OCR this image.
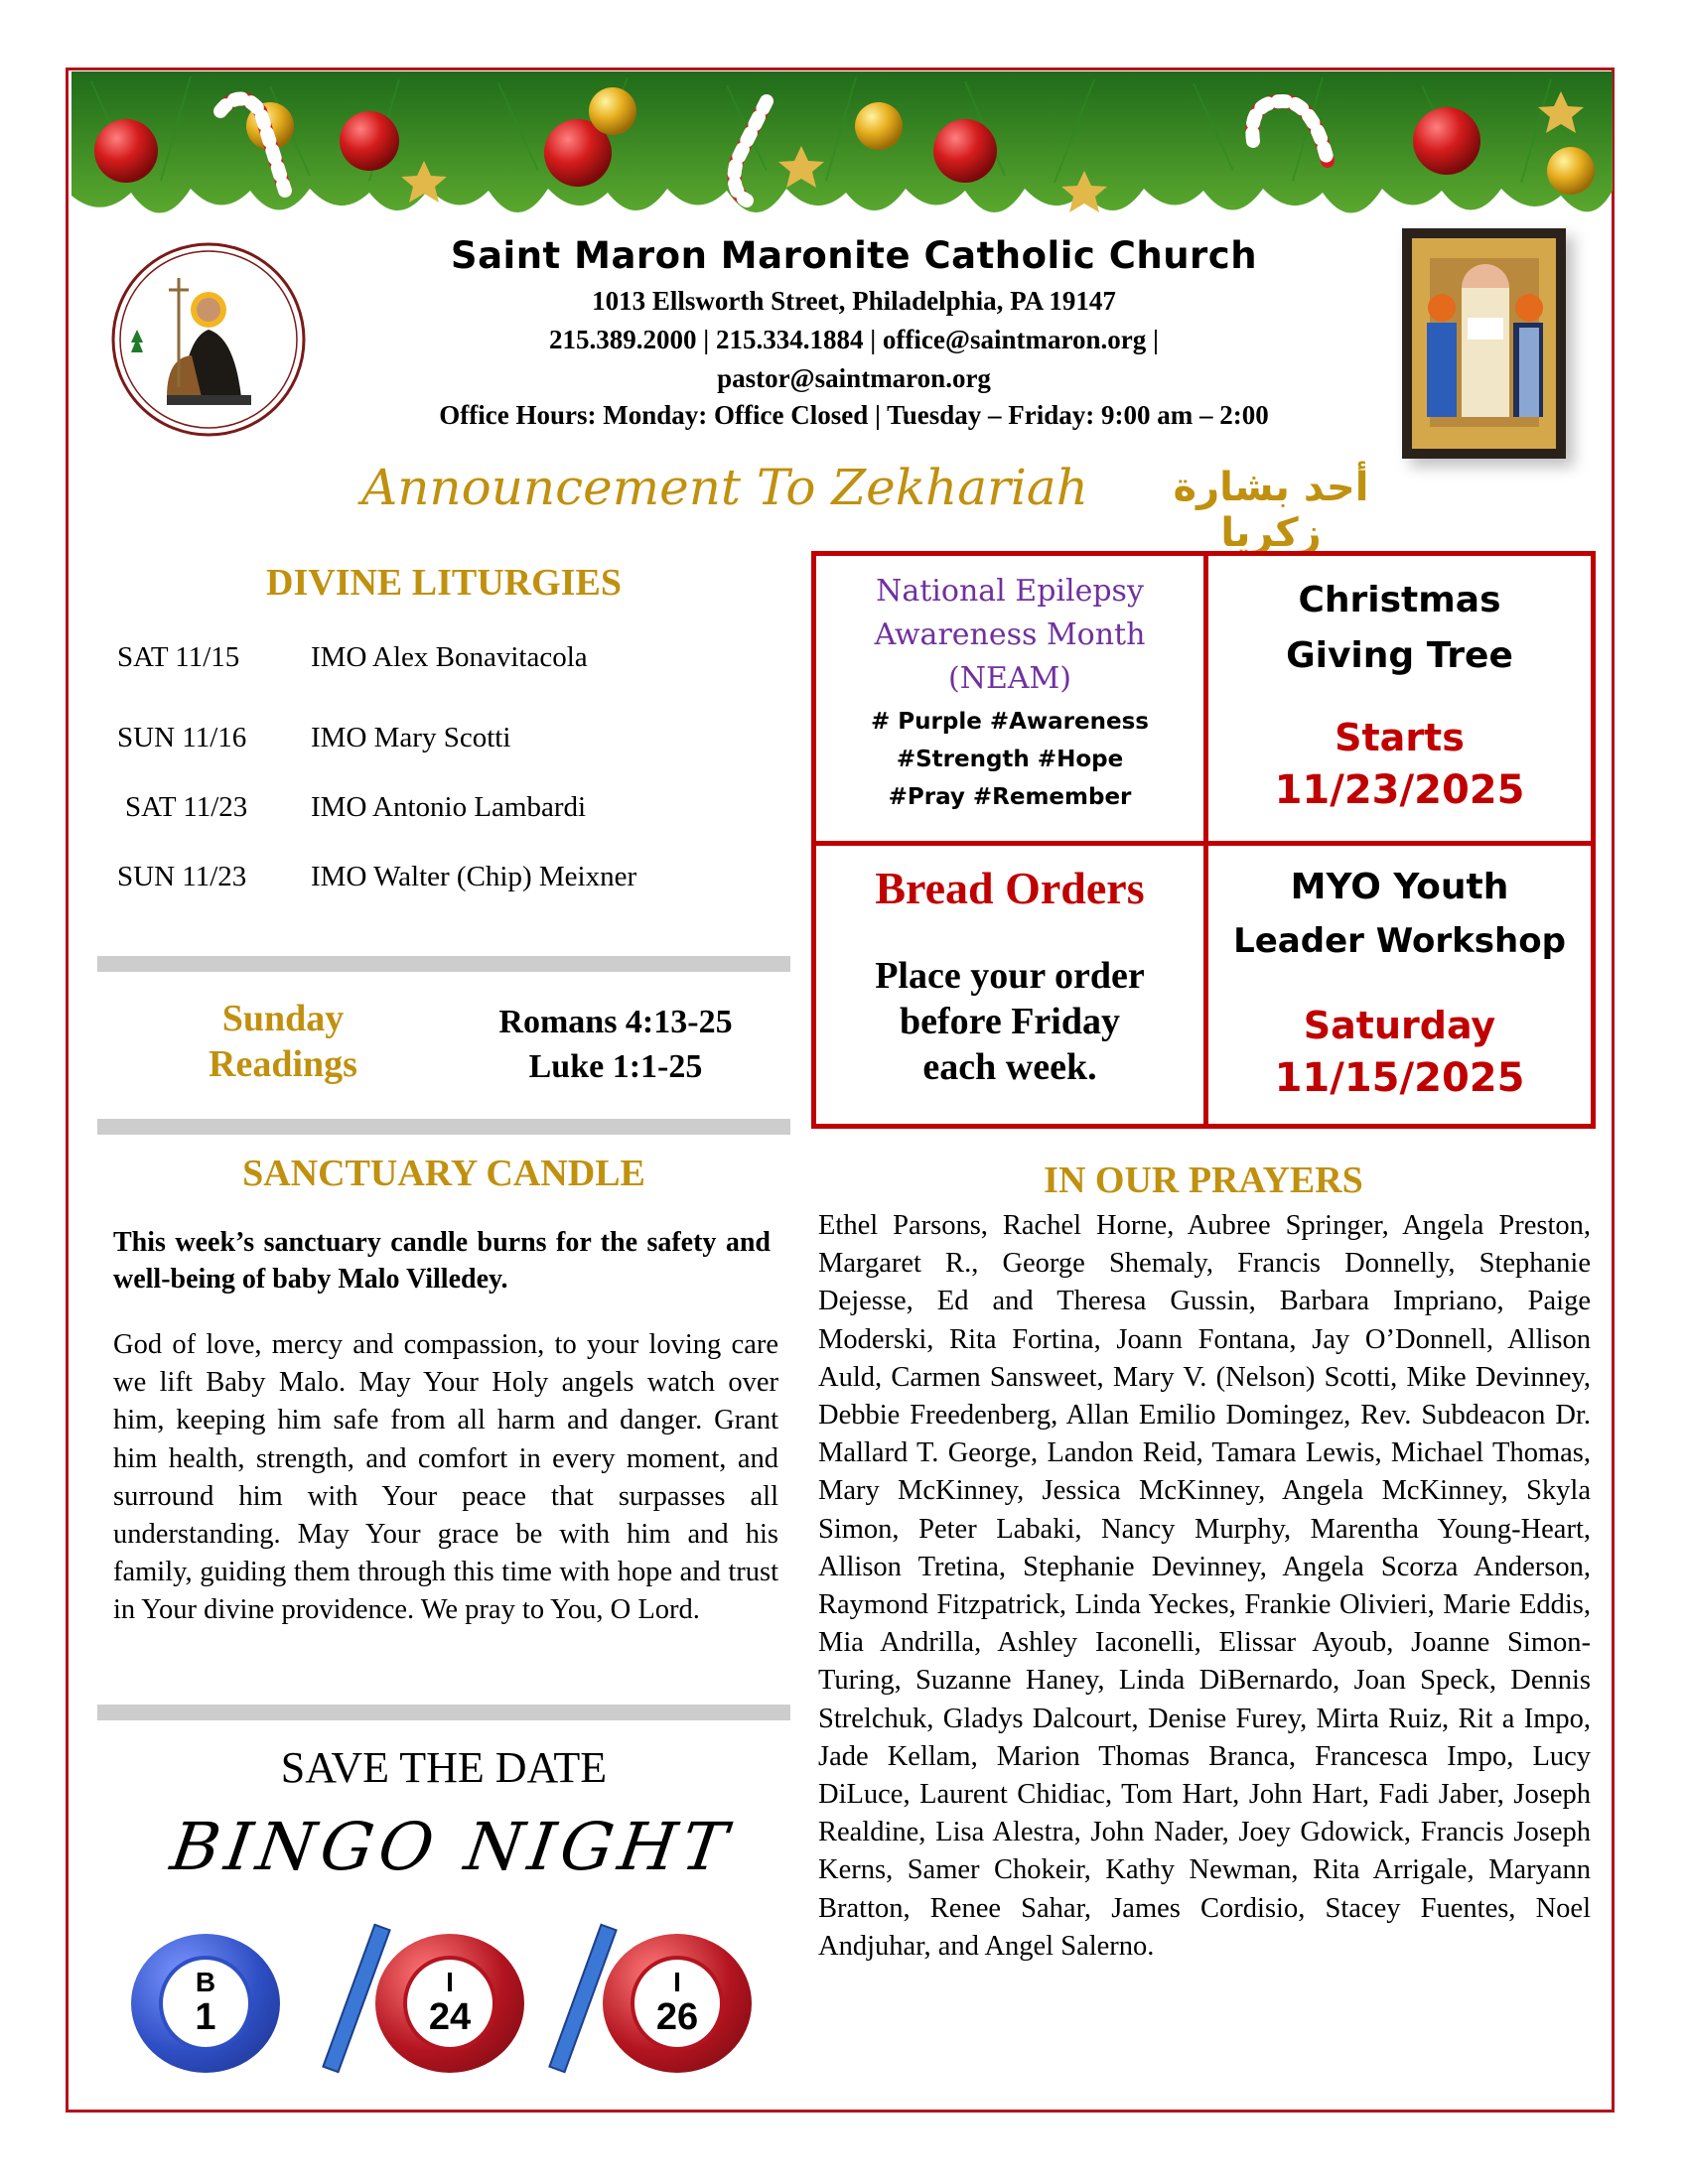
Saint Maron Maronite Catholic Church
1013 Ellsworth Street, Philadelphia, PA 19147
215.389.2000 | 215.334.1884 | office@saintmaron.org |
pastor@saintmaron.org
Office Hours: Monday: Office Closed | Tuesday – Friday: 9:00 am – 2:00
Announcement To Zekhariah	أحد بشارة زكريا
DIVINE LITURGIES
SAT 11/15 IMO Alex Bonavitacola
SUN 11/16 IMO Mary Scotti
SAT 11/23 IMO Antonio Lambardi
SUN 11/23 IMO Walter (Chip) Meixner
Sunday
Readings
Romans 4:13-25
Luke 1:1-25
SANCTUARY CANDLE
This week’s sanctuary candle burns for the safety and well-being of baby Malo Villedey.
God of love, mercy and compassion, to your loving care we lift Baby Malo. May Your Holy angels watch over him, keeping him safe from all harm and danger. Grant him health, strength, and comfort in every moment, and surround him with Your peace that surpasses all understanding. May Your grace be with him and his family, guiding them through this time with hope and trust in Your divine providence. We pray to You, O Lord.
SAVE THE DATE
BINGO NIGHT
B
1
I
24
I
26
National Epilepsy
Awareness Month
(NEAM)
# Purple #Awareness
#Strength #Hope
#Pray #Remember
Christmas
Giving Tree
Starts
11/23/2025
Bread Orders
Place your order
before Friday
each week.
MYO Youth
Leader Workshop
Saturday
11/15/2025
IN OUR PRAYERS
Ethel Parsons, Rachel Horne, Aubree Springer, Angela Preston, Margaret R., George Shemaly, Francis Donnelly, Stephanie Dejesse, Ed and Theresa Gussin, Barbara Impriano, Paige Moderski, Rita Fortina, Joann Fontana, Jay O’Donnell, Allison Auld, Carmen Sansweet, Mary V. (Nelson) Scotti, Mike Devinney, Debbie Freedenberg, Allan Emilio Domingez, Rev. Subdeacon Dr. Mallard T. George, Landon Reid, Tamara Lewis, Michael Thomas, Mary McKinney, Jessica McKinney, Angela McKinney, Skyla Simon, Peter Labaki, Nancy Murphy, Marentha Young-Heart, Allison Tretina, Stephanie Devinney, Angela Scorza Anderson, Raymond Fitzpatrick, Linda Yeckes, Frankie Olivieri, Marie Eddis, Mia Andrilla, Ashley Iaconelli, Elissar Ayoub, Joanne Simon-Turing, Suzanne Haney, Linda DiBernardo, Joan Speck, Dennis Strelchuk, Gladys Dalcourt, Denise Furey, Mirta Ruiz, Rit a Impo, Jade Kellam, Marion Thomas Branca, Francesca Impo, Lucy DiLuce, Laurent Chidiac, Tom Hart, John Hart, Fadi Jaber, Joseph Realdine, Lisa Alestra, John Nader, Joey Gdowick, Francis Joseph Kerns, Samer Chokeir, Kathy Newman, Rita Arrigale, Maryann Bratton, Renee Sahar, James Cordisio, Stacey Fuentes, Noel Andjuhar, and Angel Salerno.
